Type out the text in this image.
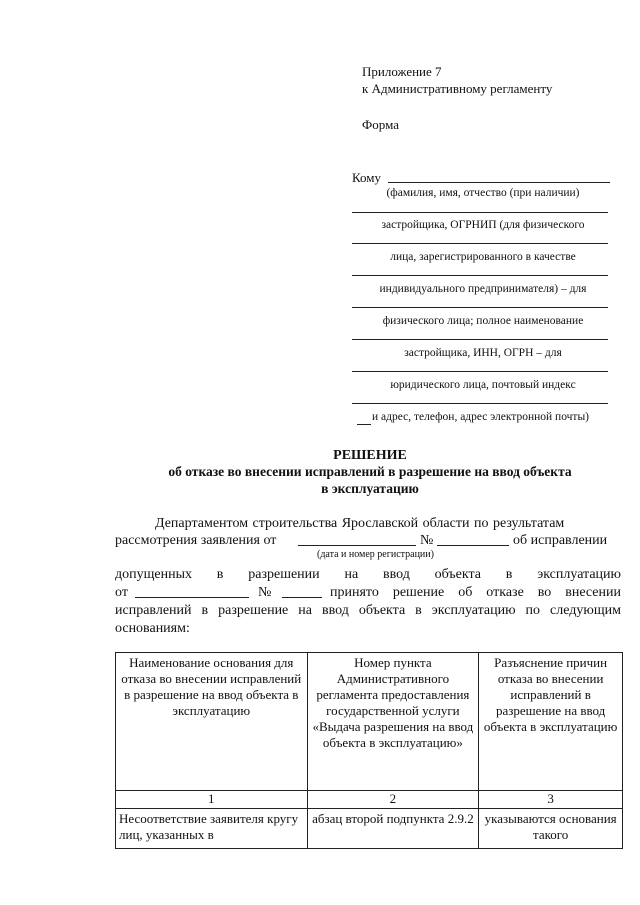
Приложение 7
к Административному регламенту
Форма
Кому
(фамилия, имя, отчество (при наличии)
застройщика, ОГРНИП (для физического
лица, зарегистрированного в качестве
индивидуального предпринимателя) – для
физического лица; полное наименование
застройщика, ИНН, ОГРН – для
юридического лица, почтовый индекс
и адрес, телефон, адрес электронной почты)
РЕШЕНИЕ
об отказе во внесении исправлений в разрешение на ввод объекта
в эксплуатацию
Департаментом строительства Ярославской области по результатам
рассмотрения заявления от	№	об исправлении
(дата и номер регистрации)
допущенных в разрешении на ввод объекта в эксплуатацию
от	№	принято решение об отказе во внесении
исправлений в разрешение на ввод объекта в эксплуатацию по следующим
основаниям:
Наименование основания для отказа во внесении исправлений в разрешение на ввод объекта в эксплуатацию	Номер пункта Административного регламента предоставления государственной услуги «Выдача разрешения на ввод объекта в эксплуатацию»	Разъяснение причин отказа во внесении исправлений в разрешение на ввод объекта в эксплуатацию
1	2	3
Несоответствие заявителя кругу лиц, указанных в	абзац второй подпункта 2.9.2	указываются основания такого
